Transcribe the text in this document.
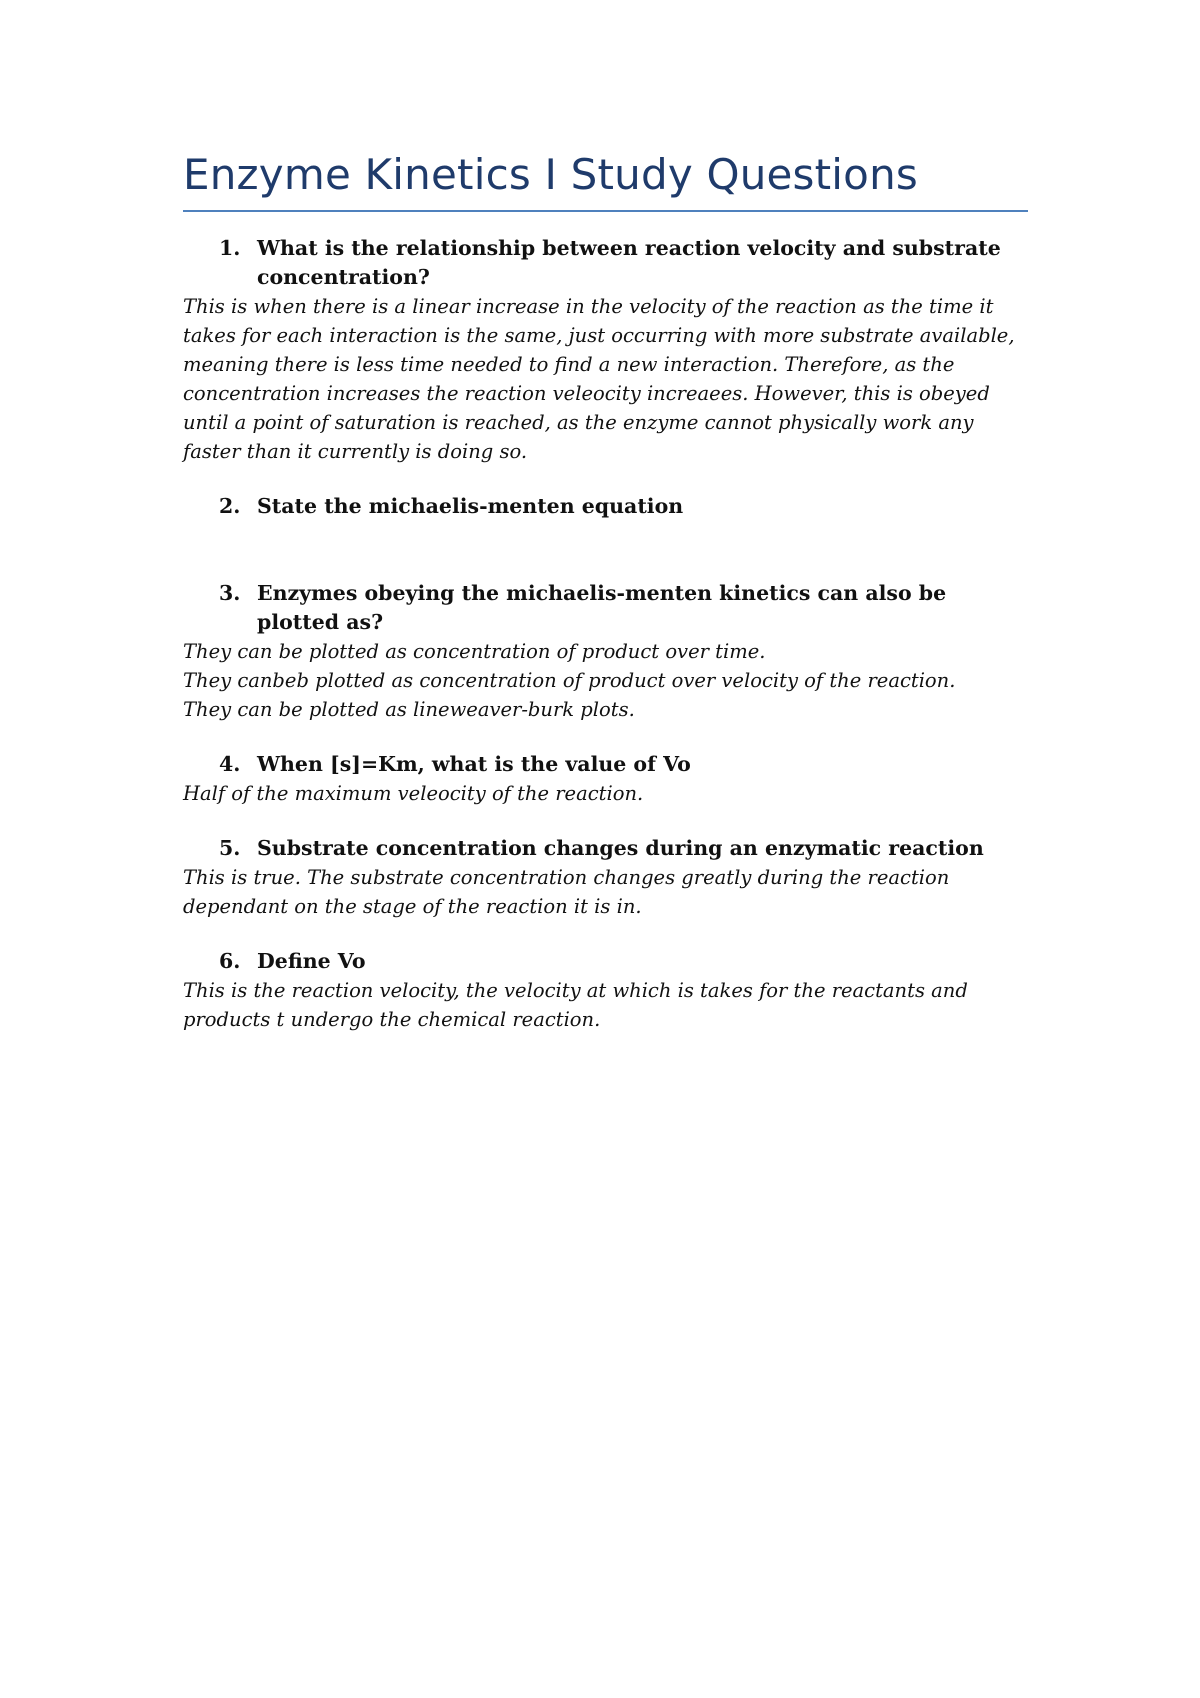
Enzyme Kinetics I Study Questions
1. What is the relationship between reaction velocity and substrate concentration?

This is when there is a linear increase in the velocity of the reaction as the time it takes for each interaction is the same, just occurring with more substrate available, meaning there is less time needed to find a new interaction. Therefore, as the concentration increases the reaction veleocity increaees. However, this is obeyed until a point of saturation is reached, as the enzyme cannot physically work any faster than it currently is doing so.

2. State the michaelis-menten equation
3. Enzymes obeying the michaelis-menten kinetics can also be plotted as?

They can be plotted as concentration of product over time.
They canbeb plotted as concentration of product over velocity of the reaction.
They can be plotted as lineweaver-burk plots.

4. When [s]=Km, what is the value of Vo

Half of the maximum veleocity of the reaction.

5. Substrate concentration changes during an enzymatic reaction

This is true. The substrate concentration changes greatly during the reaction dependant on the stage of the reaction it is in.

6. Define Vo

This is the reaction velocity, the velocity at which is takes for the reactants and products t undergo the chemical reaction.
